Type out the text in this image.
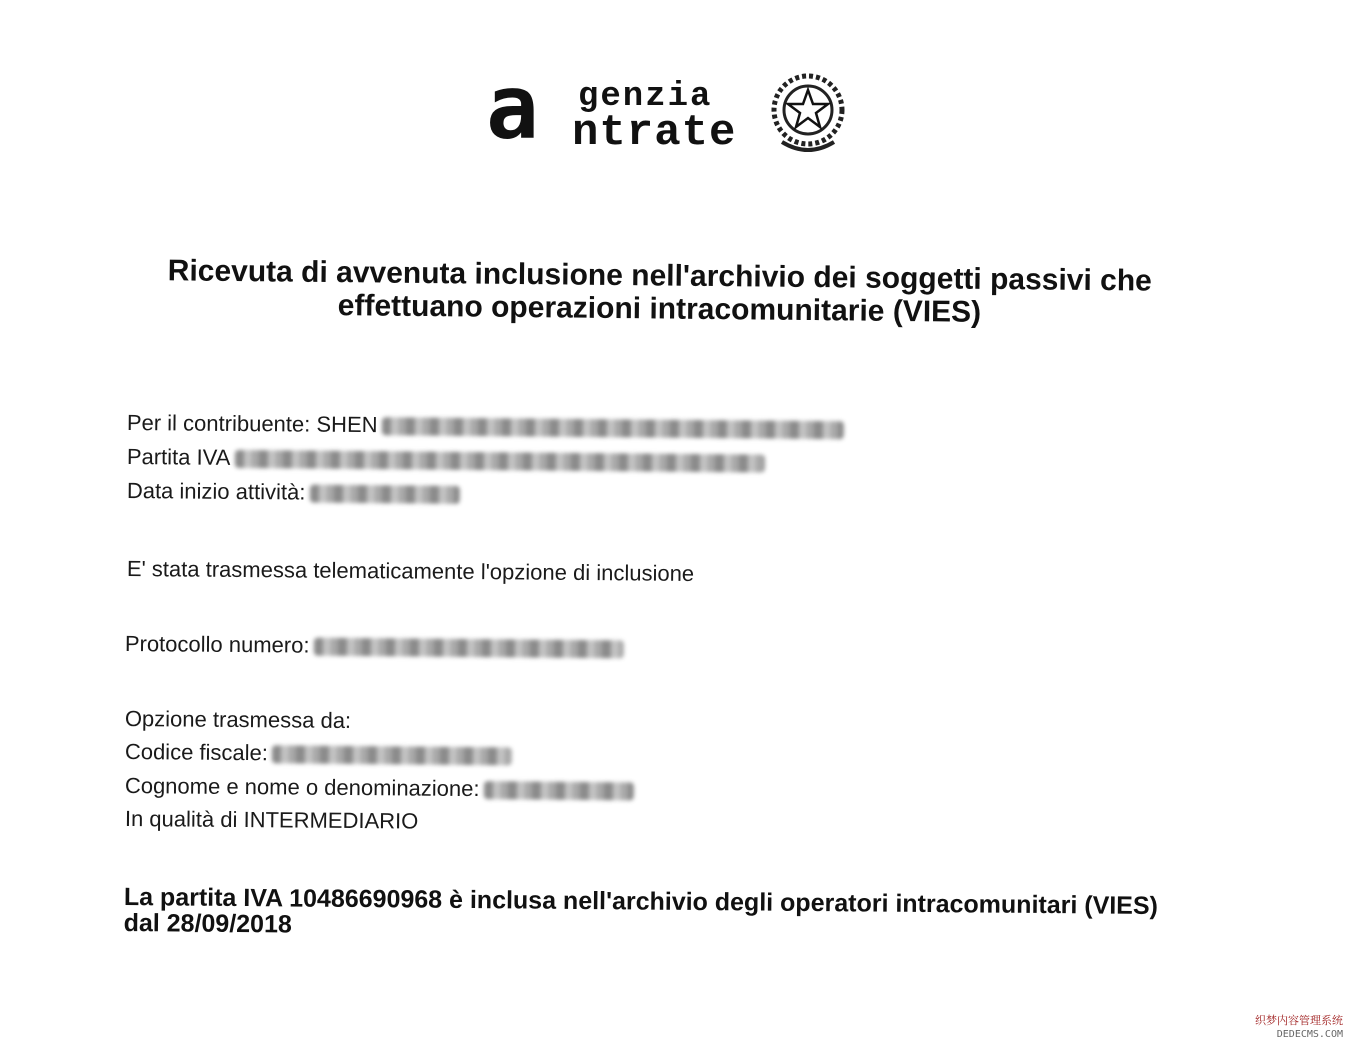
a genzia
ntrate
Ricevuta di avvenuta inclusione nell'archivio dei soggetti passivi che effettuano operazioni intracomunitarie (VIES)
Per il contribuente: SHEN
Partita IVA
Data inizio attività:
E' stata trasmessa telematicamente l'opzione di inclusione
Protocollo numero:
Opzione trasmessa da:
Codice fiscale:
Cognome e nome o denominazione:
In qualità di INTERMEDIARIO
La partita IVA 10486690968 è inclusa nell'archivio degli operatori intracomunitari (VIES) dal 28/09/2018
织梦内容管理系统
DEDECMS.COM
